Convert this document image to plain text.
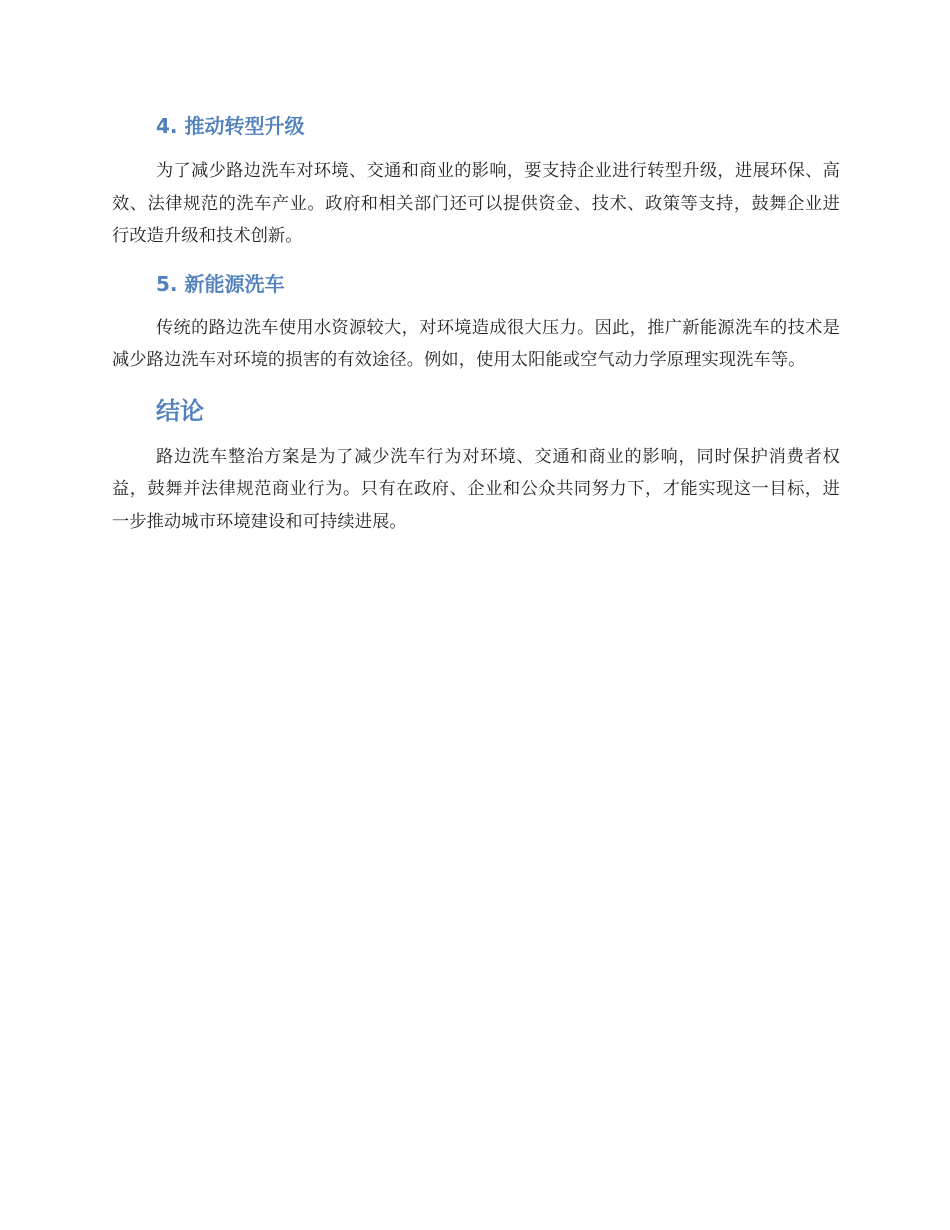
4. 推动转型升级

为了减少路边洗车对环境、交通和商业的影响，要支持企业进行转型升级，进展环保、高效、法律规范的洗车产业。政府和相关部门还可以提供资金、技术、政策等支持，鼓舞企业进行改造升级和技术创新。

5. 新能源洗车

传统的路边洗车使用水资源较大，对环境造成很大压力。因此，推广新能源洗车的技术是减少路边洗车对环境的损害的有效途径。例如，使用太阳能或空气动力学原理实现洗车等。

结论

路边洗车整治方案是为了减少洗车行为对环境、交通和商业的影响，同时保护消费者权益，鼓舞并法律规范商业行为。只有在政府、企业和公众共同努力下，才能实现这一目标，进一步推动城市环境建设和可持续进展。
